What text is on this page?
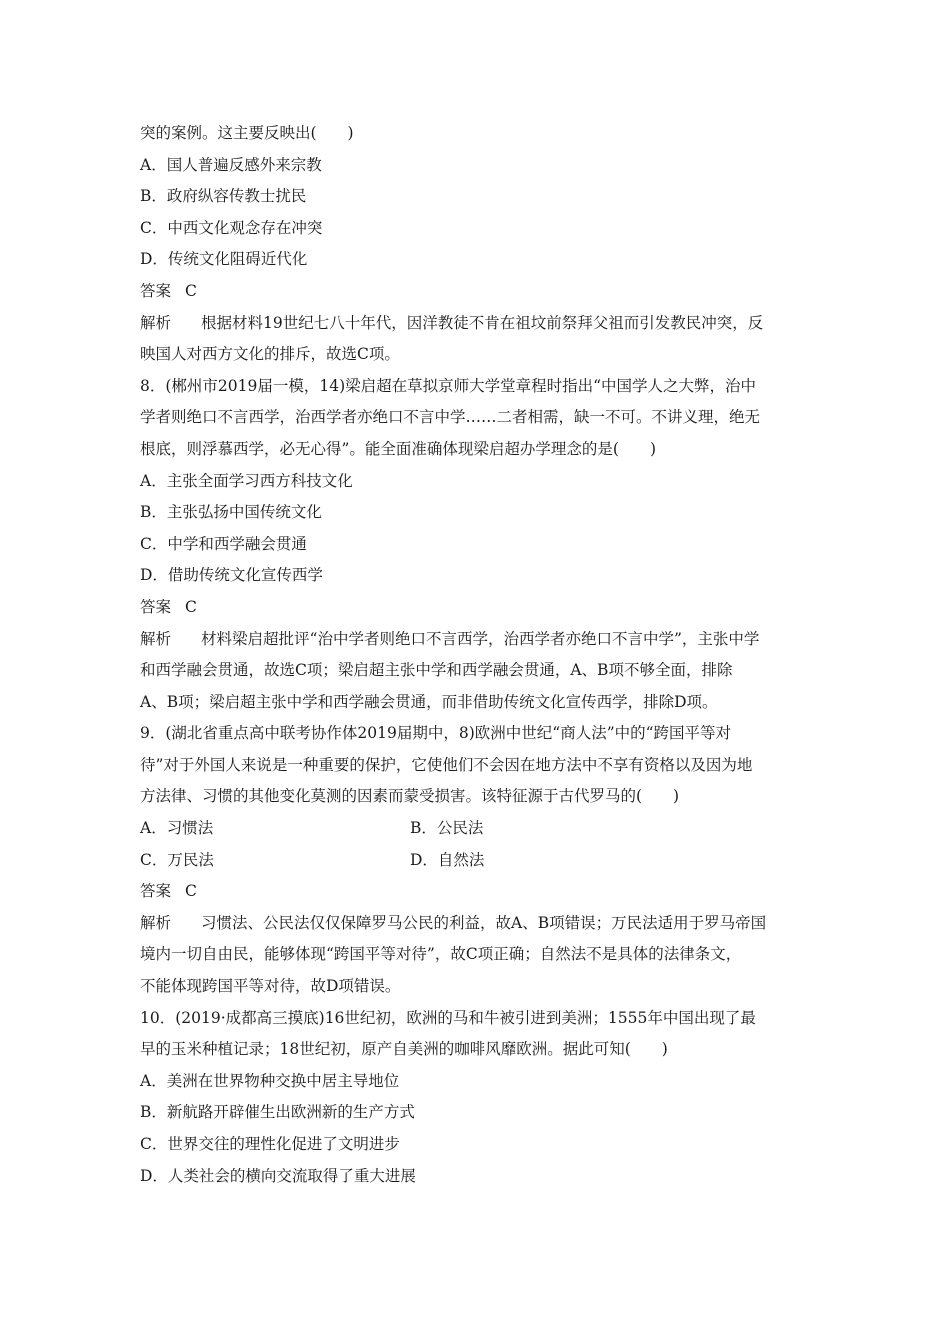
突的案例。这主要反映出(　　)
A．国人普遍反感外来宗教
B．政府纵容传教士扰民
C．中西文化观念存在冲突
D．传统文化阻碍近代化
答案 C
解析 根据材料19世纪七八十年代，因洋教徒不肯在祖坟前祭拜父祖而引发教民冲突，反
映国人对西方文化的排斥，故选C项。
8．(郴州市2019届一模，14)梁启超在草拟京师大学堂章程时指出“中国学人之大弊，治中
学者则绝口不言西学，治西学者亦绝口不言中学……二者相需，缺一不可。不讲义理，绝无
根底，则浮慕西学，必无心得”。能全面准确体现梁启超办学理念的是(　　)
A．主张全面学习西方科技文化
B．主张弘扬中国传统文化
C．中学和西学融会贯通
D．借助传统文化宣传西学
答案 C
解析 材料梁启超批评“治中学者则绝口不言西学，治西学者亦绝口不言中学”，主张中学
和西学融会贯通，故选C项；梁启超主张中学和西学融会贯通，A、B项不够全面，排除
A、B项；梁启超主张中学和西学融会贯通，而非借助传统文化宣传西学，排除D项。
9．(湖北省重点高中联考协作体2019届期中，8)欧洲中世纪“商人法”中的“跨国平等对
待”对于外国人来说是一种重要的保护，它使他们不会因在地方法中不享有资格以及因为地
方法律、习惯的其他变化莫测的因素而蒙受损害。该特征源于古代罗马的(　　)
A．习惯法	B．公民法
C．万民法	D．自然法
答案 C
解析 习惯法、公民法仅仅保障罗马公民的利益，故A、B项错误；万民法适用于罗马帝国
境内一切自由民，能够体现“跨国平等对待”，故C项正确；自然法不是具体的法律条文，
不能体现跨国平等对待，故D项错误。
10．(2019·成都高三摸底)16世纪初，欧洲的马和牛被引进到美洲；1555年中国出现了最
早的玉米种植记录；18世纪初，原产自美洲的咖啡风靡欧洲。据此可知(　　)
A．美洲在世界物种交换中居主导地位
B．新航路开辟催生出欧洲新的生产方式
C．世界交往的理性化促进了文明进步
D．人类社会的横向交流取得了重大进展
